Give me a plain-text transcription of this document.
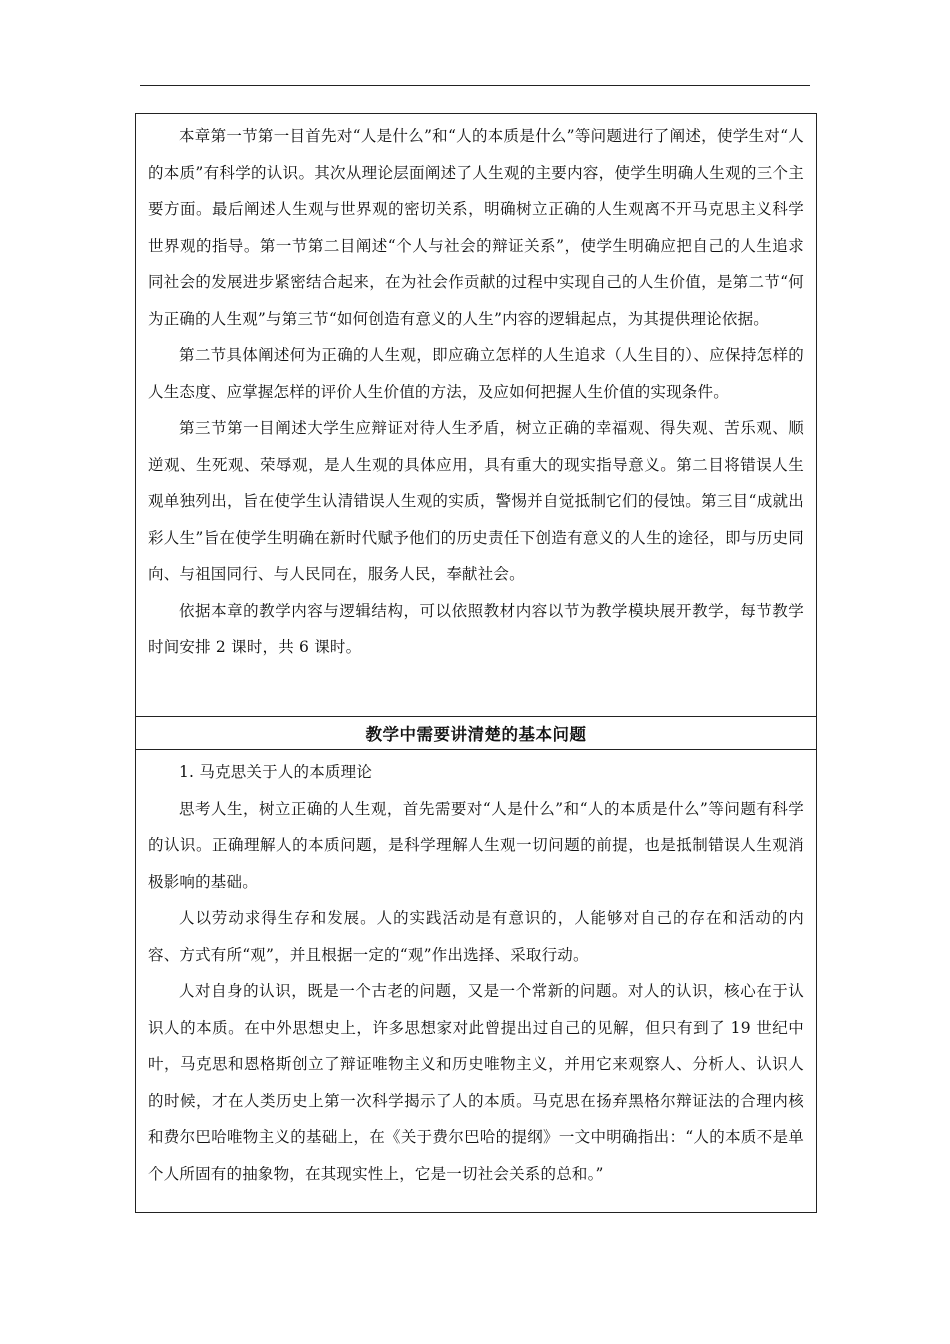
本章第一节第一目首先对“人是什么”和“人的本质是什么”等问题进行了阐述，使学生对“人的本质”有科学的认识。其次从理论层面阐述了人生观的主要内容，使学生明确人生观的三个主要方面。最后阐述人生观与世界观的密切关系，明确树立正确的人生观离不开马克思主义科学世界观的指导。第一节第二目阐述“个人与社会的辩证关系”，使学生明确应把自己的人生追求同社会的发展进步紧密结合起来，在为社会作贡献的过程中实现自己的人生价值，是第二节“何为正确的人生观”与第三节“如何创造有意义的人生”内容的逻辑起点，为其提供理论依据。

第二节具体阐述何为正确的人生观，即应确立怎样的人生追求（人生目的）、应保持怎样的人生态度、应掌握怎样的评价人生价值的方法，及应如何把握人生价值的实现条件。

第三节第一目阐述大学生应辩证对待人生矛盾，树立正确的幸福观、得失观、苦乐观、顺逆观、生死观、荣辱观，是人生观的具体应用，具有重大的现实指导意义。第二目将错误人生观单独列出，旨在使学生认清错误人生观的实质，警惕并自觉抵制它们的侵蚀。第三目“成就出彩人生”旨在使学生明确在新时代赋予他们的历史责任下创造有意义的人生的途径，即与历史同向、与祖国同行、与人民同在，服务人民，奉献社会。

依据本章的教学内容与逻辑结构，可以依照教材内容以节为教学模块展开教学，每节教学时间安排 2 课时，共 6 课时。

教学中需要讲清楚的基本问题

1. 马克思关于人的本质理论

思考人生，树立正确的人生观，首先需要对“人是什么”和“人的本质是什么”等问题有科学的认识。正确理解人的本质问题，是科学理解人生观一切问题的前提，也是抵制错误人生观消极影响的基础。

人以劳动求得生存和发展。人的实践活动是有意识的，人能够对自己的存在和活动的内容、方式有所“观”，并且根据一定的“观”作出选择、采取行动。

人对自身的认识，既是一个古老的问题，又是一个常新的问题。对人的认识，核心在于认识人的本质。在中外思想史上，许多思想家对此曾提出过自己的见解，但只有到了 19 世纪中叶，马克思和恩格斯创立了辩证唯物主义和历史唯物主义，并用它来观察人、分析人、认识人的时候，才在人类历史上第一次科学揭示了人的本质。马克思在扬弃黑格尔辩证法的合理内核和费尔巴哈唯物主义的基础上，在《关于费尔巴哈的提纲》一文中明确指出：“人的本质不是单个人所固有的抽象物，在其现实性上，它是一切社会关系的总和。”
